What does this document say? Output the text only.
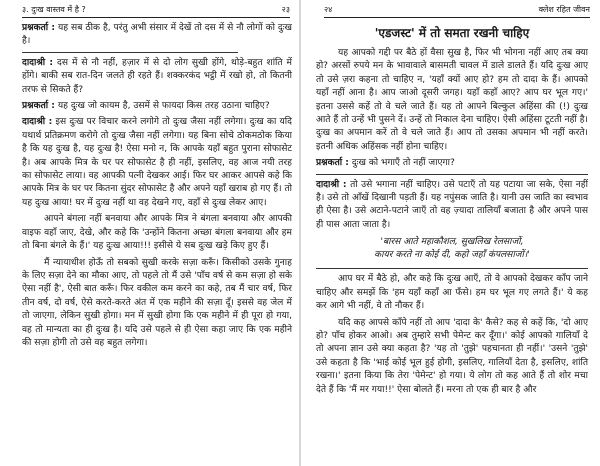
३. दुःख वास्तव में है ?	२३

प्रश्नकर्ता : यह सब ठीक है, परंतु अभी संसार में देखें तो दस में से नौ लोगों को दुःख है।

दादाश्री : दस में से नौ नहीं, हज़ार में से दो लोग सुखी होंगे, थोड़े-बहुत शांति में होंगे। बाकी सब रात-दिन जलते ही रहते हैं। शक्करकंद भट्ठी में रखो हो, तो कितनी तरफ से सिकते हैं?

प्रश्नकर्ता : यह दुःख जो कायम है, उसमें से फायदा किस तरह उठाना चाहिए?

दादाश्री : इस दुःख पर विचार करने लगोगे तो दुःख जैसा नहीं लगेगा। दुःख का यदि यथार्थ प्रतिक्रमण करोगे तो दुःख जैसा नहीं लगेगा। यह बिना सोचे ठोकमठोक किया है कि यह दुःख है, यह दुःख है! ऐसा मनो न, कि आपके यहाँ बहुत पुराना सोफासेट है। अब आपके मित्र के घर पर सोफासेट है ही नहीं, इसलिए, वह आज नयी तरह का सोफासेट लाया। वह आपकी पत्नी देखकर आई। फिर घर आकर आपसे कहे कि आपके मित्र के घर पर कितना सुंदर सोफासेट है और अपने यहाँ खराब हो गए हैं। तो यह दुःख आया! घर में दुःख नहीं था वह देखने गए, वहाँ से दुःख लेकर आए।

आपने बंगला नहीं बनवाया और आपके मित्र ने बंगला बनवाया और आपकी वाइफ वहाँ जाए, देखे, और कहे कि 'उन्होंने कितना अच्छा बंगला बनवाया और हम तो बिना बंगले के हैं।' यह दुःख आया!!! इसीसे ये सब दुःख खड़े किए हुए हैं।

मैं न्यायाधीश होऊँ तो सबको सुखी करके सज़ा करूँ। किसीको उसके गुनाह के लिए सज़ा देने का मौका आए, तो पहले तो मैं उसे 'पाँच वर्ष से कम सज़ा हो सके ऐसा नहीं है', ऐसी बात करूँ। फिर वकील कम करने का कहे, तब मैं चार वर्ष, फिर तीन वर्ष, दो वर्ष, ऐसे करते-करते अंत में एक महीने की सज़ा दूँ। इससे वह जेल में तो जाएगा, लेकिन सुखी होगा। मन में सुखी होगा कि एक महीने में ही पूरा हो गया, वह तो मान्यता का ही दुःख है। यदि उसे पहले से ही ऐसा कहा जाए कि एक महीने की सज़ा होगी तो उसे वह बहुत लगेगा।

२४	क्लेश रहित जीवन
'एडजस्ट' में तो समता रखनी चाहिए

यह आपको गद्दी पर बैठे हों वैसा सुख है, फिर भी भोगना नहीं आए तब क्या हो? अरसों रुपये मन के भावावाले बासमती चावल में डाले डालते हैं। यदि दुःख आए तो उसे ज़रा कहना तो चाहिए न, 'यहाँ क्यों आए हो? हम तो दादा के हैं। आपको यहाँ नहीं आना है। आप जाओ दूसरी जगह। यहाँ कहाँ आए? आप घर भूल गए।' इतना उससे कहें तो वे चले जाते हैं। यह तो आपने बिल्कुल अहिंसा की (!) दुःख आते हैं तो उन्हें भी पुसने दें। उन्हें तो निकाल देना चाहिए। ऐसी अहिंसा टूटती नहीं है। दुःख का अपमान करें तो वे चले जाते हैं। आप तो उसका अपमान भी नहीं करते। इतनी अधिक अहिंसक नहीं होना चाहिए।

प्रश्नकर्ता : दुःख को भगाएँ तो नहीं जाएगा?

दादाश्री : तो उसे भगाना नहीं चाहिए। उसे पटाएँ तो यह पटाया जा सके, ऐसा नहीं है। उसे तो आँखें दिखानी पड़ती हैं। यह नपुंसक जाति है। यानी उस जाति का स्वभाव ही ऐसा है। उसे अटाने-पटाने जाएँ तो वह ज़्यादा तालियाँ बजाता है और अपने पास ही पास आता जाता है।

'बारस आते महाकौशल, सुखलिख रेलसाजों,
कायर करते ना कोई दी, कहो जहाँ कंपलसाजों।'

आप घर में बैठे हो, और कहे कि दुःख आएँ, तो वे आपको देखकर काँप जाने चाहिए और समझें कि 'हम यहाँ कहाँ आ फँसे। हम घर भूल गए लगते हैं।' ये कह कर आगे भी नहीं, वे तो नौकर हैं।

यदि कह आपसे काँपे नहीं तो आप 'दादा के' कैसे? कह से कहें कि, 'दो आए हो? पाँच होकर आओ। अब तुम्हारे सभी पेमेन्ट कर दूँगा।' कोई आपको गालियाँ दे तो अपना ज्ञान उसे क्या कहता है? 'यह तो 'तुझे' पहचानता ही नहीं।' 'उसने 'तुझे' उसे कहता है कि 'भाई कोई भूल हुई होगी, इसलिए, गालियाँ देता है, इसलिए, शांति रखना।' इतना किया कि तेरा 'पेमेन्ट' हो गया। ये लोग तो कह आते हैं तो शोर मचा देते हैं कि 'मैं मर गया!!' ऐसा बोलते हैं। मरना तो एक ही बार है और
